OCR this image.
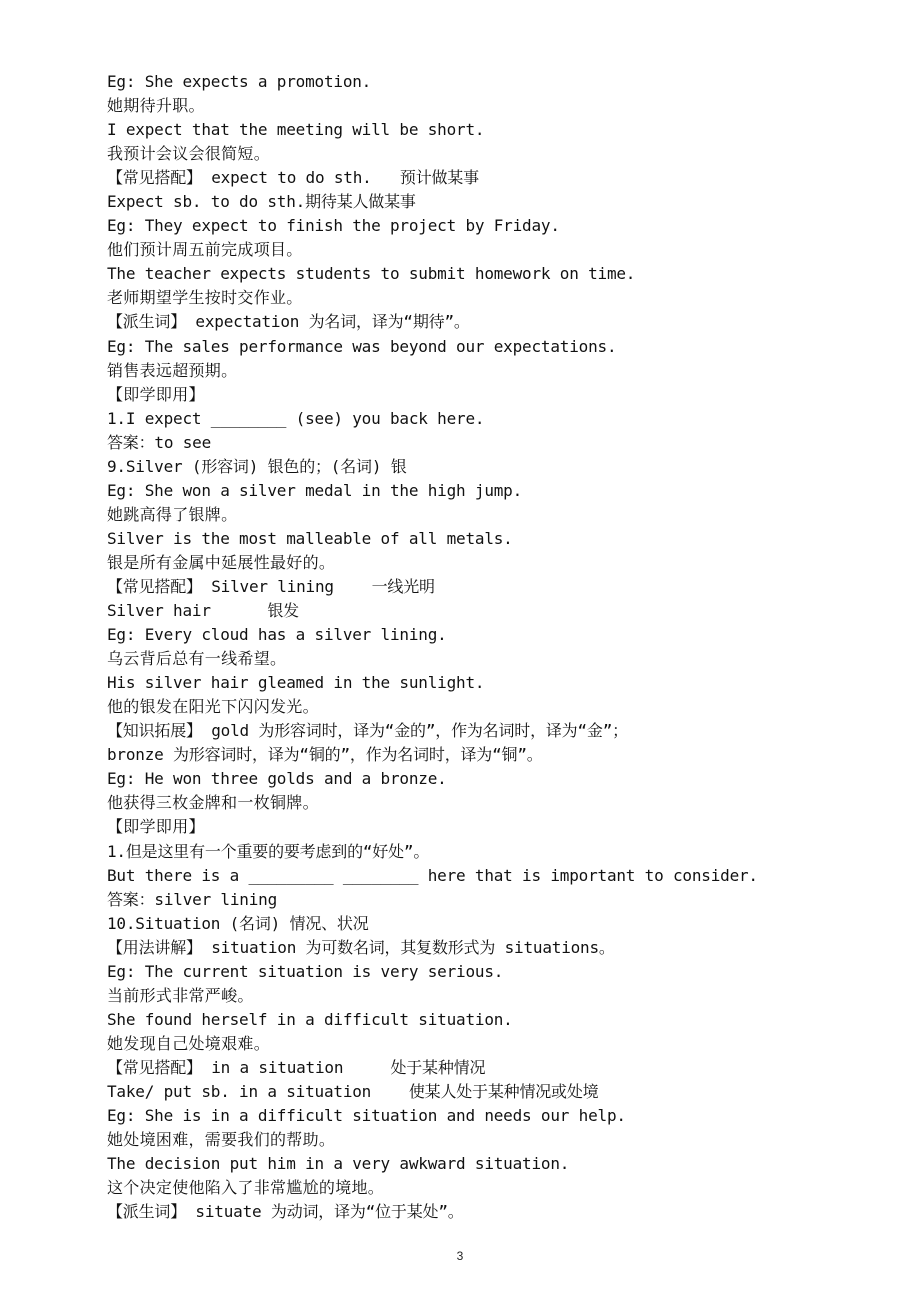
Eg: She expects a promotion.
她期待升职。
I expect that the meeting will be short.
我预计会议会很简短。
【常见搭配】 expect to do sth.   预计做某事
Expect sb. to do sth.期待某人做某事
Eg: They expect to finish the project by Friday.
他们预计周五前完成项目。
The teacher expects students to submit homework on time.
老师期望学生按时交作业。
【派生词】 expectation 为名词，译为“期待”。
Eg: The sales performance was beyond our expectations.
销售表远超预期。
【即学即用】
1.I expect ________ (see) you back here.
答案：to see
9.Silver (形容词) 银色的；(名词) 银
Eg: She won a silver medal in the high jump.
她跳高得了银牌。
Silver is the most malleable of all metals.
银是所有金属中延展性最好的。
【常见搭配】 Silver lining    一线光明
Silver hair      银发
Eg: Every cloud has a silver lining.
乌云背后总有一线希望。
His silver hair gleamed in the sunlight.
他的银发在阳光下闪闪发光。
【知识拓展】 gold 为形容词时，译为“金的”，作为名词时，译为“金”；
bronze 为形容词时，译为“铜的”，作为名词时，译为“铜”。
Eg: He won three golds and a bronze.
他获得三枚金牌和一枚铜牌。
【即学即用】
1.但是这里有一个重要的要考虑到的“好处”。
But there is a _________ ________ here that is important to consider.
答案：silver lining
10.Situation (名词) 情况、状况
【用法讲解】 situation 为可数名词，其复数形式为 situations。
Eg: The current situation is very serious.
当前形式非常严峻。
She found herself in a difficult situation.
她发现自己处境艰难。
【常见搭配】 in a situation     处于某种情况
Take/ put sb. in a situation    使某人处于某种情况或处境
Eg: She is in a difficult situation and needs our help.
她处境困难，需要我们的帮助。
The decision put him in a very awkward situation.
这个决定使他陷入了非常尴尬的境地。
【派生词】 situate 为动词，译为“位于某处”。
3
